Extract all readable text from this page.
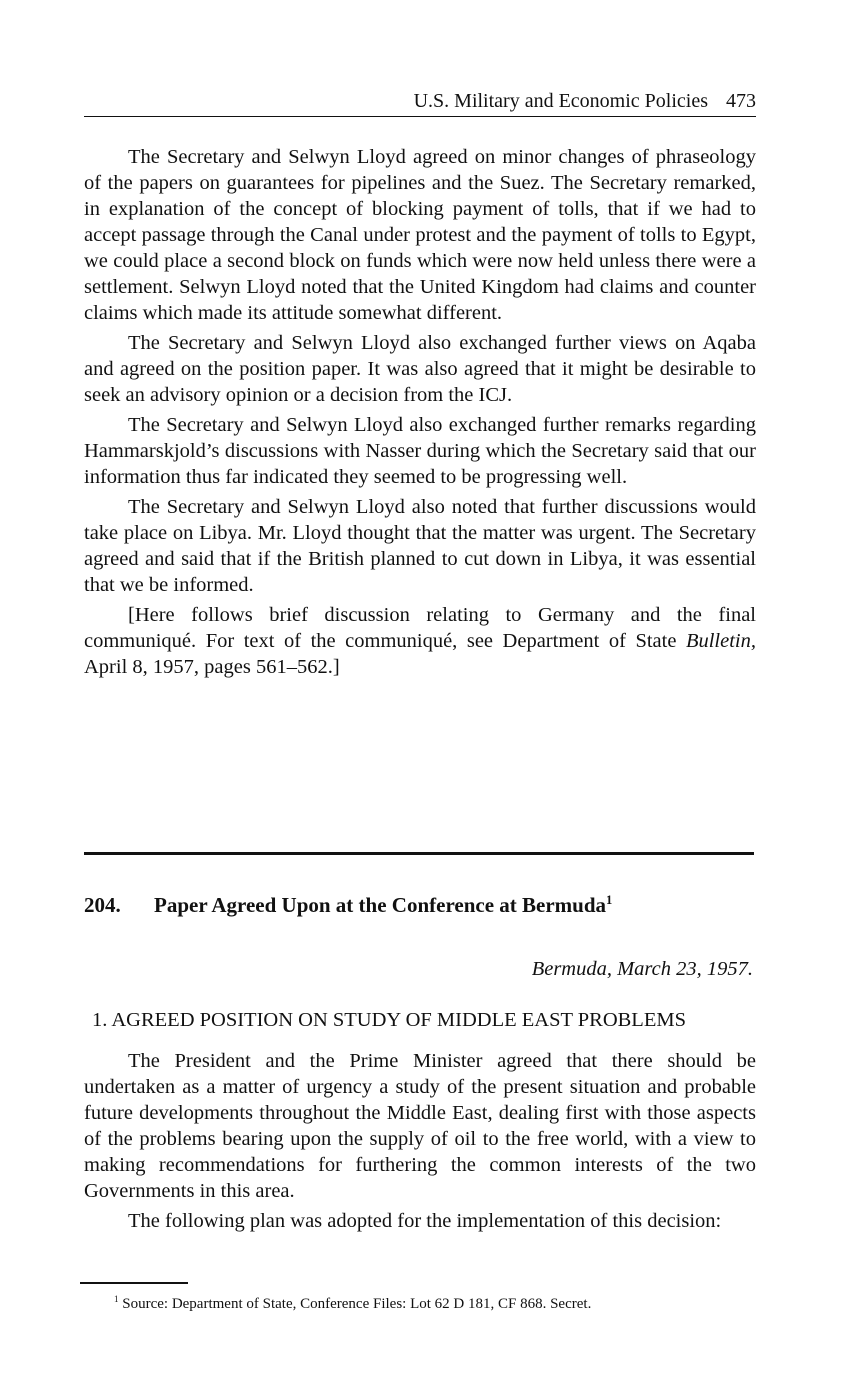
U.S. Military and Economic Policies 473

The Secretary and Selwyn Lloyd agreed on minor changes of phraseology of the papers on guarantees for pipelines and the Suez. The Secretary remarked, in explanation of the concept of blocking payment of tolls, that if we had to accept passage through the Canal under protest and the payment of tolls to Egypt, we could place a second block on funds which were now held unless there were a settlement. Selwyn Lloyd noted that the United Kingdom had claims and counter claims which made its attitude somewhat different.

The Secretary and Selwyn Lloyd also exchanged further views on Aqaba and agreed on the position paper. It was also agreed that it might be desirable to seek an advisory opinion or a decision from the ICJ.

The Secretary and Selwyn Lloyd also exchanged further remarks regarding Hammarskjold’s discussions with Nasser during which the Secretary said that our information thus far indicated they seemed to be progressing well.

The Secretary and Selwyn Lloyd also noted that further discussions would take place on Libya. Mr. Lloyd thought that the matter was urgent. The Secretary agreed and said that if the British planned to cut down in Libya, it was essential that we be informed.

[Here follows brief discussion relating to Germany and the final communiqué. For text of the communiqué, see Department of State Bulletin, April 8, 1957, pages 561–562.]

204. Paper Agreed Upon at the Conference at Bermuda$^1$
Bermuda, March 23, 1957.
1. AGREED POSITION ON STUDY OF MIDDLE EAST PROBLEMS

The President and the Prime Minister agreed that there should be undertaken as a matter of urgency a study of the present situation and probable future developments throughout the Middle East, dealing first with those aspects of the problems bearing upon the supply of oil to the free world, with a view to making recommendations for furthering the common interests of the two Governments in this area.

The following plan was adopted for the implementation of this decision:

$^1$ Source: Department of State, Conference Files: Lot 62 D 181, CF 868. Secret.
